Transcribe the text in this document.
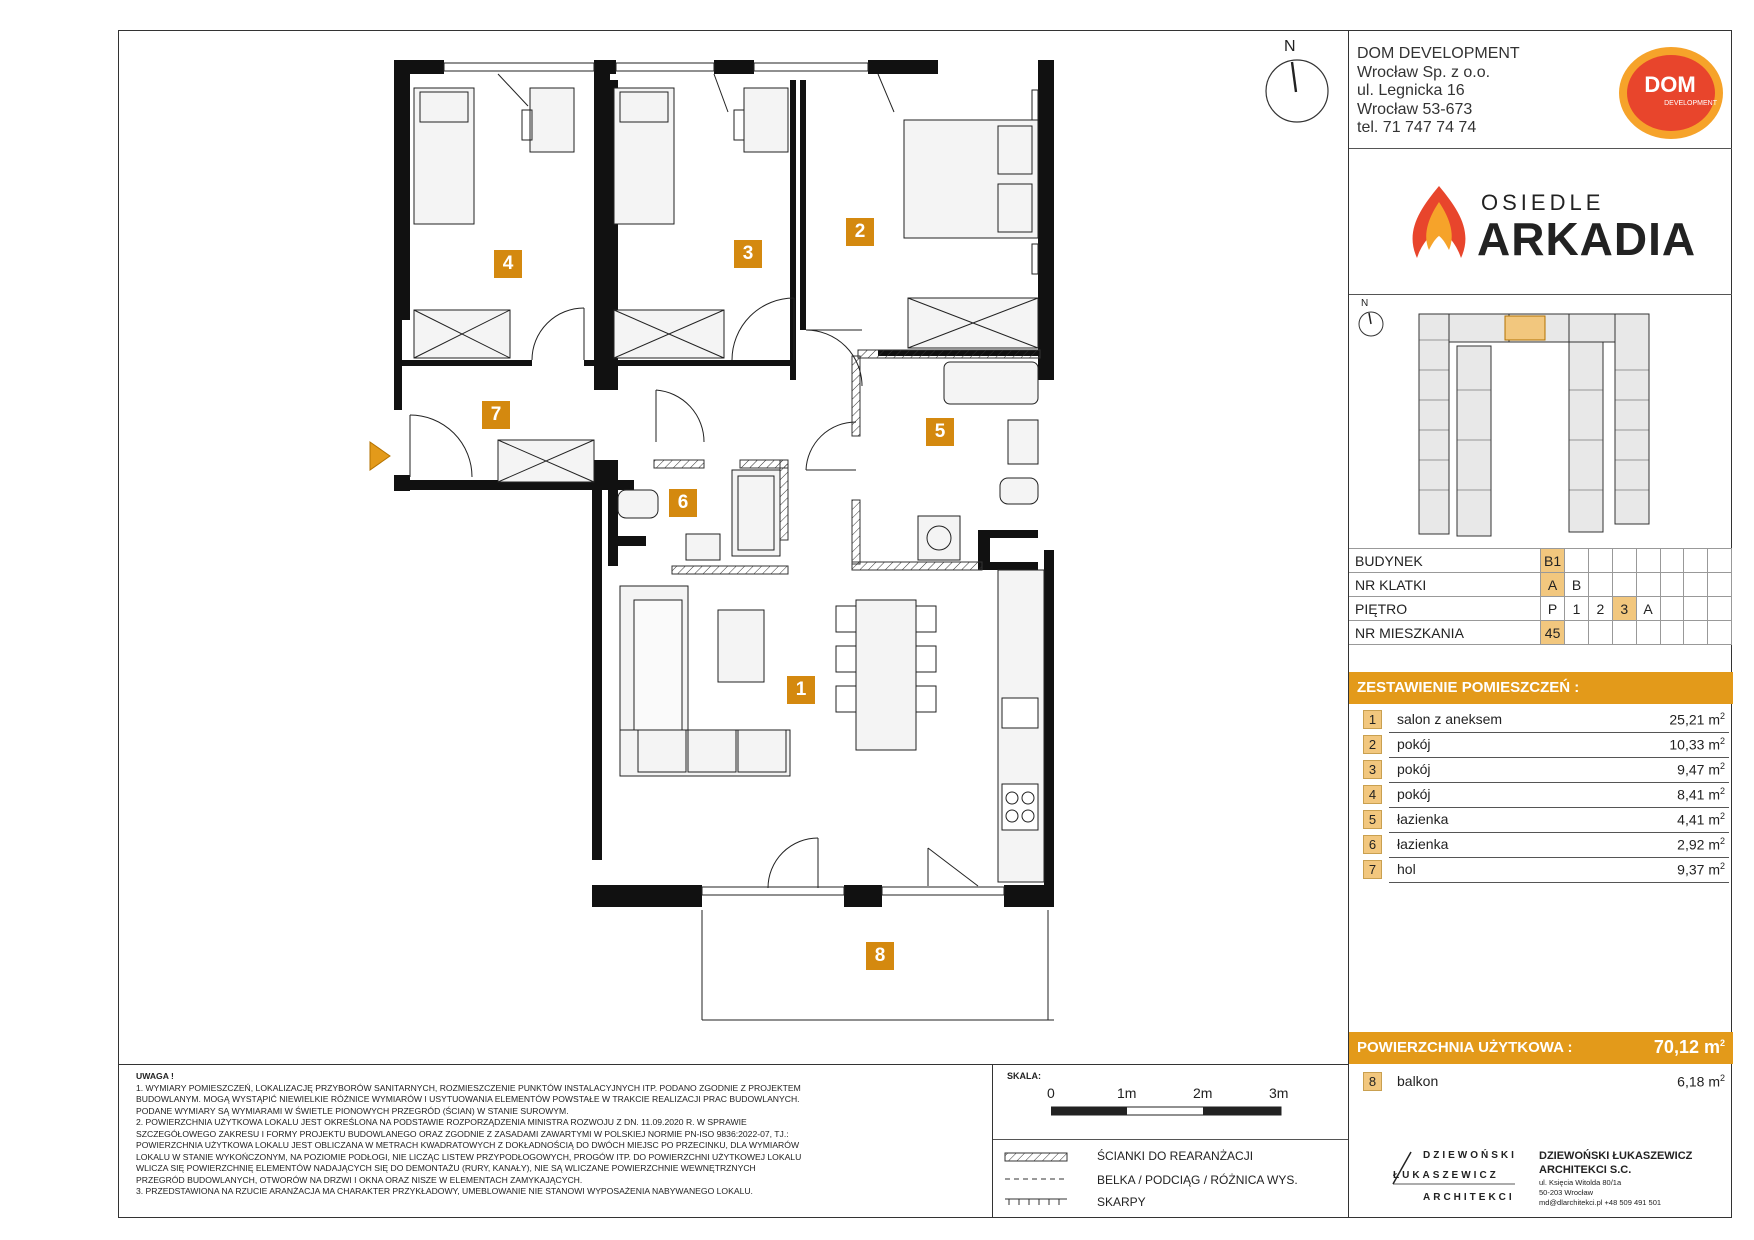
1
2
3
4
5
6
7
8
N	DOM DEVELOPMENT
Wrocław Sp. z o.o.
ul. Legnicka 16
Wrocław 53-673
tel. 71 747 74 74
DOM
DEVELOPMENT
OSIEDLE
ARKADIA
N
BUDYNEK	B1							
NR KLATKI	A	B						
PIĘTRO	P	1	2	3	A			
NR MIESZKANIA	45							
ZESTAWIENIE POMIESZCZEŃ :
1	salon z aneksem	25,21 $m^2$
2	pokój	10,33 $m^2$
3	pokój	9,47 $m^2$
4	pokój	8,41 $m^2$
5	łazienka	4,41 $m^2$
6	łazienka	2,92 $m^2$
7	hol	9,37 $m^2$
POWIERZCHNIA UŻYTKOWA :	70,12 $m^2$
8	balkon	6,18 $m^2$
DZIEWOŃSKI
ŁUKASZEWICZ
ARCHITEKCI
DZIEWOŃSKI ŁUKASZEWICZ
ARCHITEKCI S.C.
ul. Księcia Witolda 80/1a
50-203 Wrocław
md@dlarchitekci.pl +48 509 491 501
UWAGA !
1. WYMIARY POMIESZCZEŃ, LOKALIZACJĘ PRZYBORÓW SANITARNYCH, ROZMIESZCZENIE PUNKTÓW INSTALACYJNYCH ITP. PODANO ZGODNIE Z PROJEKTEM
BUDOWLANYM. MOGĄ WYSTĄPIĆ NIEWIELKIE RÓŻNICE WYMIARÓW I USYTUOWANIA ELEMENTÓW POWSTAŁE W TRAKCIE REALIZACJI PRAC BUDOWLANYCH.
PODANE WYMIARY SĄ WYMIARAMI W ŚWIETLE PIONOWYCH PRZEGRÓD (ŚCIAN) W STANIE SUROWYM.
2. POWIERZCHNIA UŻYTKOWA LOKALU JEST OKREŚLONA NA PODSTAWIE ROZPORZĄDZENIA MINISTRA ROZWOJU Z DN. 11.09.2020 R. W SPRAWIE
SZCZEGÓŁOWEGO ZAKRESU I FORMY PROJEKTU BUDOWLANEGO ORAZ ZGODNIE Z ZASADAMI ZAWARTYMI W POLSKIEJ NORMIE PN-ISO 9836:2022-07, TJ.:
POWIERZCHNIA UŻYTKOWA LOKALU JEST OBLICZANA W METRACH KWADRATOWYCH Z DOKŁADNOŚCIĄ DO DWÓCH MIEJSC PO PRZECINKU, DLA WYMIARÓW
LOKALU W STANIE WYKOŃCZONYM, NA POZIOMIE PODŁOGI, NIE LICZĄC LISTEW PRZYPODŁOGOWYCH, PROGÓW ITP. DO POWIERZCHNI UŻYTKOWEJ LOKALU
WLICZA SIĘ POWIERZCHNIĘ ELEMENTÓW NADAJĄCYCH SIĘ DO DEMONTAŻU (RURY, KANAŁY), NIE SĄ WLICZANE POWIERZCHNIE WEWNĘTRZNYCH
PRZEGRÓD BUDOWLANYCH, OTWORÓW NA DRZWI I OKNA ORAZ NISZE W ELEMENTACH ZAMYKAJĄCYCH.
3. PRZEDSTAWIONA NA RZUCIE ARANŻACJA MA CHARAKTER PRZYKŁADOWY, UMEBLOWANIE NIE STANOWI WYPOSAŻENIA NABYWANEGO LOKALU.
SKALA:
0	1m	2m	3m
ŚCIANKI DO REARANŻACJI
BELKA / PODCIĄG / RÓŻNICA WYS.
SKARPY
